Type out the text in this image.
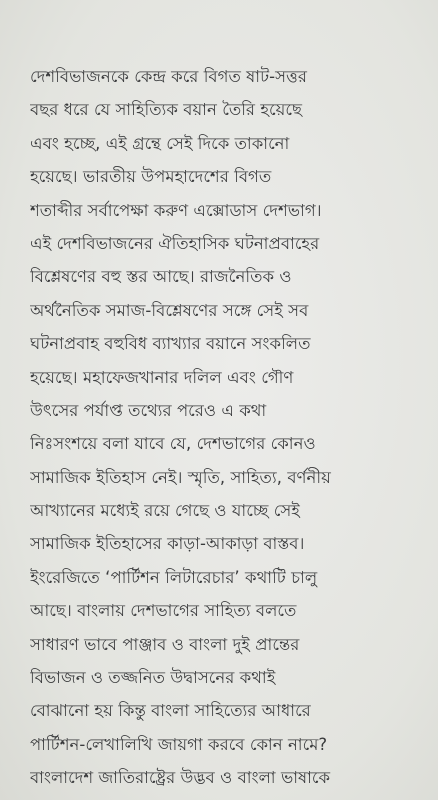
দেশবিভাজনকে কেন্দ্র করে বিগত ষাট-সত্তর
বছর ধরে যে সাহিত্যিক বয়ান তৈরি হয়েছে
এবং হচ্ছে, এই গ্রন্থে সেই দিকে তাকানো
হয়েছে। ভারতীয় উপমহাদেশের বিগত
শতাব্দীর সর্বাপেক্ষা করুণ এক্সোডাস দেশভাগ।
এই দেশবিভাজনের ঐতিহাসিক ঘটনাপ্রবাহের
বিশ্লেষণের বহু স্তর আছে। রাজনৈতিক ও
অর্থনৈতিক সমাজ-বিশ্লেষণের সঙ্গে সেই সব
ঘটনাপ্রবাহ বহুবিধ ব্যাখ্যার বয়ানে সংকলিত
হয়েছে। মহাফেজখানার দলিল এবং গৌণ
উৎসের পর্যাপ্ত তথ্যের পরেও এ কথা
নিঃসংশয়ে বলা যাবে যে, দেশভাগের কোনও
সামাজিক ইতিহাস নেই। স্মৃতি, সাহিত্য, বর্ণনীয়
আখ্যানের মধ্যেই রয়ে গেছে ও যাচ্ছে সেই
সামাজিক ইতিহাসের কাড়া-আকাড়া বাস্তব।
ইংরেজিতে ‘পার্টিশন লিটারেচার’ কথাটি চালু
আছে। বাংলায় দেশভাগের সাহিত্য বলতে
সাধারণ ভাবে পাঞ্জাব ও বাংলা দুই প্রান্তের
বিভাজন ও তজ্জনিত উদ্বাসনের কথাই
বোঝানো হয় কিন্তু বাংলা সাহিত্যের আধারে
পার্টিশন-লেখালিখি জায়গা করবে কোন নামে?
বাংলাদেশ জাতিরাষ্ট্রের উদ্ভব ও বাংলা ভাষাকে
